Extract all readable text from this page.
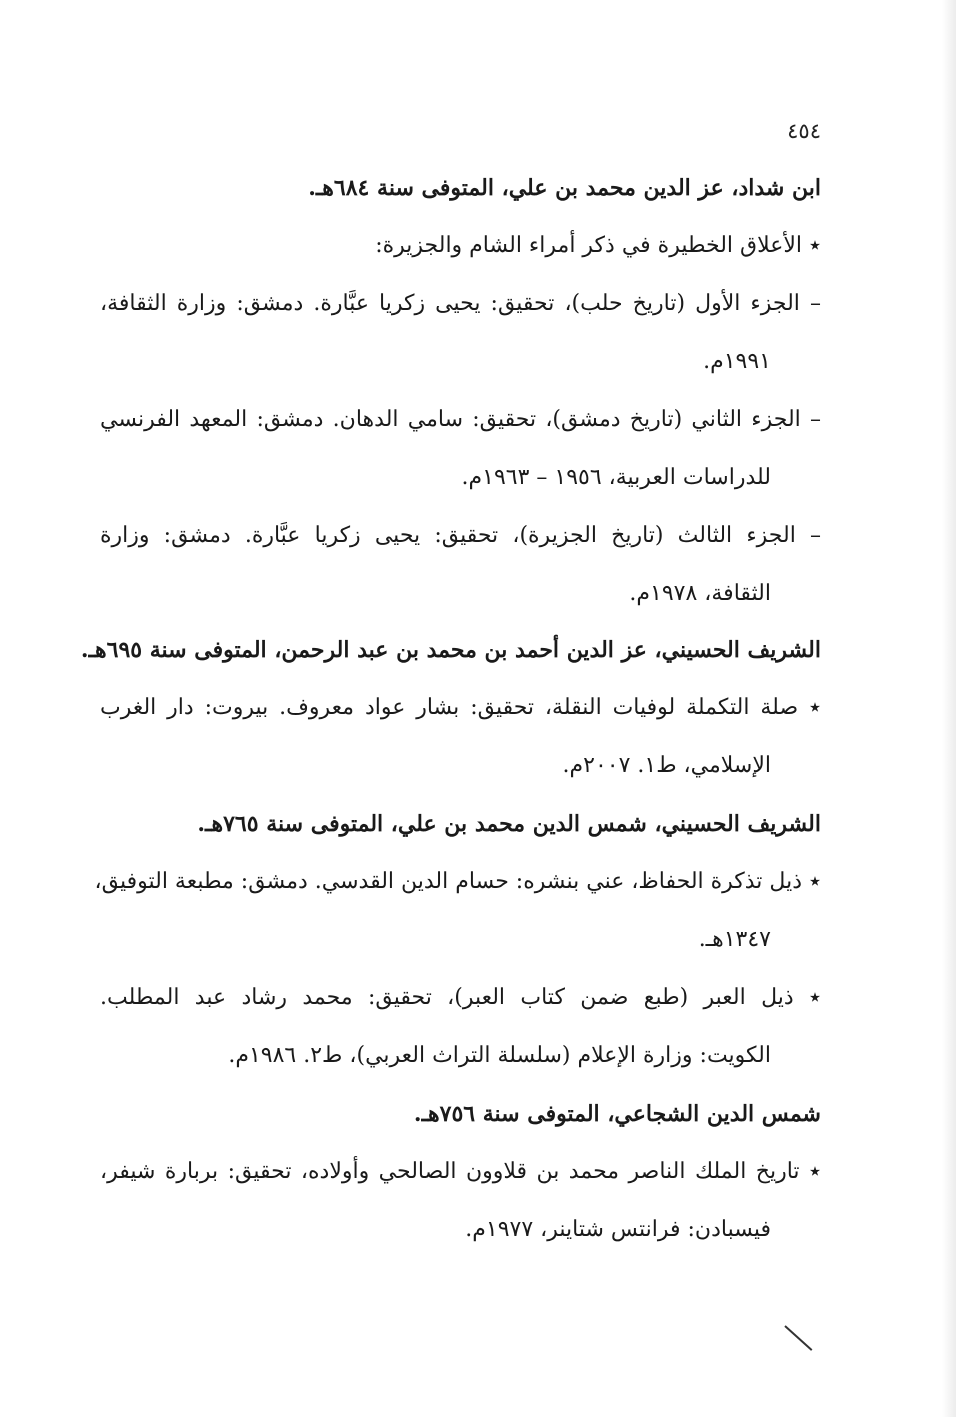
٤٥٤
ابن شداد، عز الدين محمد بن علي، المتوفى سنة ٦٨٤هـ.
٭ الأعلاق الخطيرة في ذكر أمراء الشام والجزيرة:
– الجزء الأول (تاريخ حلب)، تحقيق: يحيى زكريا عبَّارة. دمشق: وزارة الثقافة،
١٩٩١م.
– الجزء الثاني (تاريخ دمشق)، تحقيق: سامي الدهان. دمشق: المعهد الفرنسي
للدراسات العربية، ١٩٥٦ – ١٩٦٣م.
– الجزء الثالث (تاريخ الجزيرة)، تحقيق: يحيى زكريا عبَّارة. دمشق: وزارة
الثقافة، ١٩٧٨م.
الشريف الحسيني، عز الدين أحمد بن محمد بن عبد الرحمن، المتوفى سنة ٦٩٥هـ.
٭ صلة التكملة لوفيات النقلة، تحقيق: بشار عواد معروف. بيروت: دار الغرب
الإسلامي، ط١. ٢٠٠٧م.
الشريف الحسيني، شمس الدين محمد بن علي، المتوفى سنة ٧٦٥هـ.
٭ ذيل تذكرة الحفاظ، عني بنشره: حسام الدين القدسي. دمشق: مطبعة التوفيق،
١٣٤٧هـ.
٭ ذيل العبر (طبع ضمن كتاب العبر)، تحقيق: محمد رشاد عبد المطلب.
الكويت: وزارة الإعلام (سلسلة التراث العربي)، ط٢. ١٩٨٦م.
شمس الدين الشجاعي، المتوفى سنة ٧٥٦هـ.
٭ تاريخ الملك الناصر محمد بن قلاوون الصالحي وأولاده، تحقيق: بربارة شيفر،
فيسبادن: فرانتس شتاينر، ١٩٧٧م.
